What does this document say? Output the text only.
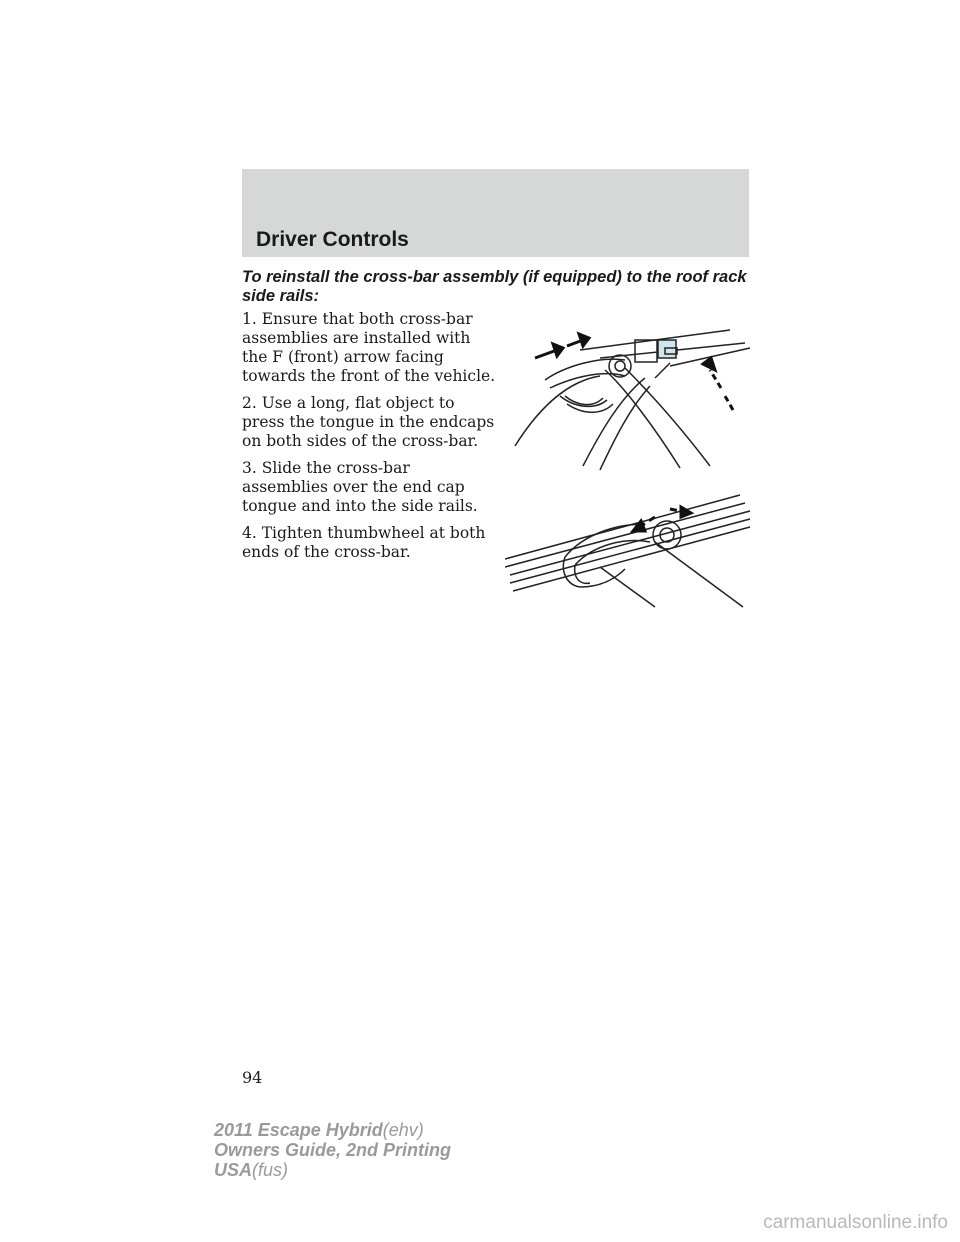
Driver Controls

To reinstall the cross-bar assembly (if equipped) to the roof rack side rails:

1. Ensure that both cross-bar assemblies are installed with the F (front) arrow facing towards the front of the vehicle.
2. Use a long, flat object to press the tongue in the endcaps on both sides of the cross-bar.
3. Slide the cross-bar assemblies over the end cap tongue and into the side rails.
4. Tighten thumbwheel at both ends of the cross-bar.

94

2011 Escape Hybrid(ehv)
Owners Guide, 2nd Printing
USA(fus)

carmanualsonline.info
